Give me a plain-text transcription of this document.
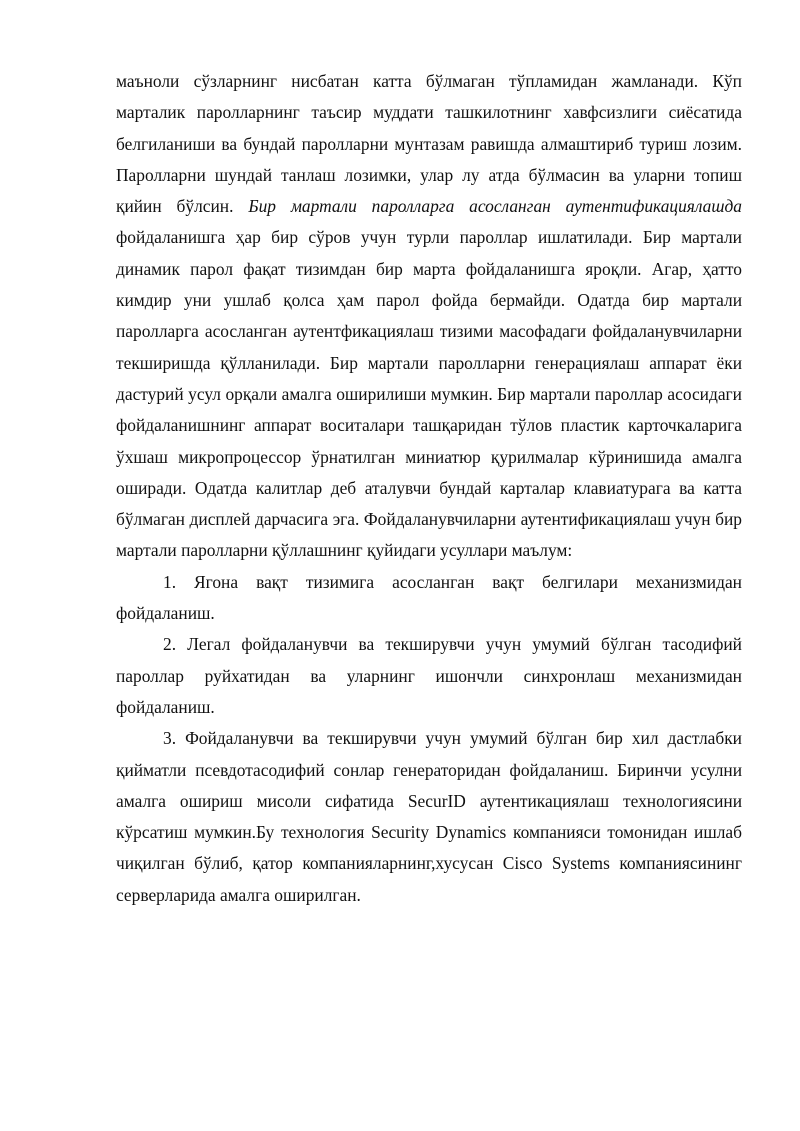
маъноли сўзларнинг нисбатан катта бўлмаган тўпламидан жамланади. Кўп марталик паролларнинг таъсир муддати ташкилотнинг хавфсизлиги сиёсатида белгиланиши ва бундай паролларни мунтазам равишда алмаштириб туриш лозим. Паролларни шундай танлаш лозимки, улар лу атда бўлмасин ва уларни топиш қийин бўлсин. Бир мартали паролларга асосланган аутентификациялашда фойдаланишга ҳар бир сўров учун турли пароллар ишлатилади. Бир мартали динамик парол фақат тизимдан бир марта фойдаланишга яроқли. Агар, ҳатто кимдир уни ушлаб қолса ҳам парол фойда бермайди. Одатда бир мартали паролларга асосланган аутентфикациялаш тизими масофадаги фойдаланувчиларни текширишда қўлланилади. Бир мартали паролларни генерациялаш аппарат ёки дастурий усул орқали амалга оширилиши мумкин. Бир мартали пароллар асосидаги фойдаланишнинг аппарат воситалари ташқаридан тўлов пластик карточкаларига ўхшаш микропроцессор ўрнатилган миниатюр қурилмалар кўринишида амалга оширади. Одатда калитлар деб аталувчи бундай карталар клавиатурага ва катта бўлмаган дисплей дарчасига эга. Фойдаланувчиларни аутентификациялаш учун бир мартали паролларни қўллашнинг қуйидаги усуллари маълум:

1. Ягона вақт тизимига асосланган вақт белгилари механизмидан фойдаланиш.

2. Легал фойдаланувчи ва текширувчи учун умумий бўлган тасодифий пароллар руйхатидан ва уларнинг ишончли синхронлаш механизмидан фойдаланиш.

3. Фойдаланувчи ва текширувчи учун умумий бўлган бир хил дастлабки қийматли псевдотасодифий сонлар генераторидан фойдаланиш. Биринчи усулни амалга ошириш мисоли сифатида SecurID аутентикациялаш технологиясини кўрсатиш мумкин.Бу технология Security Dynamics компанияси томонидан ишлаб чиқилган бўлиб, қатор компанияларнинг,хусусан Cisco Systems компаниясининг серверларида амалга оширилган.
